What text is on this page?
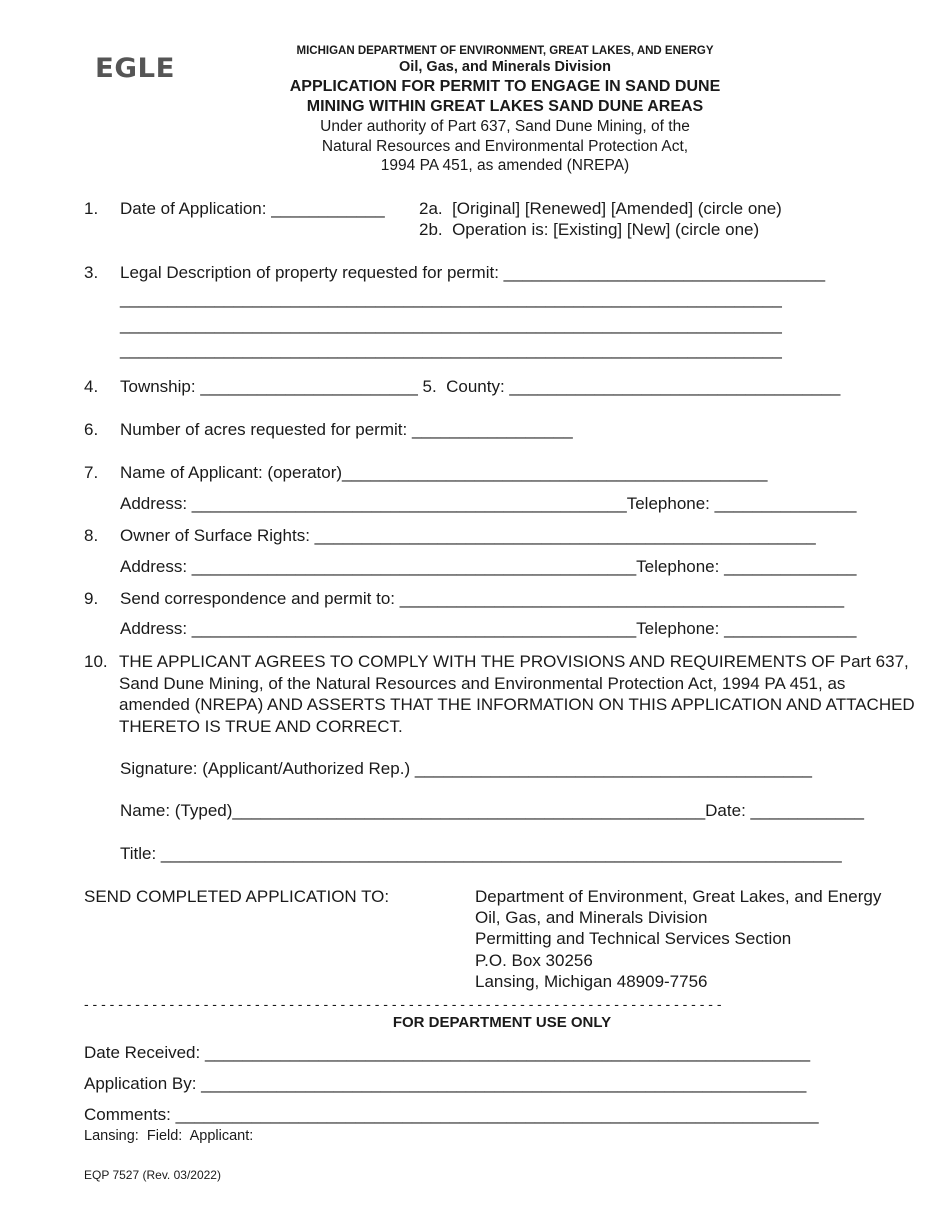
EGLE
MICHIGAN DEPARTMENT OF ENVIRONMENT, GREAT LAKES, AND ENERGY
Oil, Gas, and Minerals Division
APPLICATION FOR PERMIT TO ENGAGE IN SAND DUNE
MINING WITHIN GREAT LAKES SAND DUNE AREAS
Under authority of Part 637, Sand Dune Mining, of the
Natural Resources and Environmental Protection Act,
1994 PA 451, as amended (NREPA)
1. Date of Application: ____________ 2a.  [Original] [Renewed] [Amended] (circle one)
2b.  Operation is: [Existing] [New] (circle one)
3. Legal Description of property requested for permit: __________________________________
______________________________________________________________________
______________________________________________________________________
______________________________________________________________________
4. Township: _______________________ 5.  County: ___________________________________
6. Number of acres requested for permit: _________________
7. Name of Applicant: (operator)_____________________________________________
Address: ______________________________________________Telephone: _______________
8. Owner of Surface Rights: _____________________________________________________
Address: _______________________________________________Telephone: ______________
9. Send correspondence and permit to: _______________________________________________
Address: _______________________________________________Telephone: ______________
10. THE APPLICANT AGREES TO COMPLY WITH THE PROVISIONS AND REQUIREMENTS OF Part 637, Sand Dune Mining, of the Natural Resources and Environmental Protection Act, 1994 PA 451, as amended (NREPA) AND ASSERTS THAT THE INFORMATION ON THIS APPLICATION AND ATTACHED THERETO IS TRUE AND CORRECT.
Signature: (Applicant/Authorized Rep.) __________________________________________
Name: (Typed)__________________________________________________Date: ____________
Title: ________________________________________________________________________
SEND COMPLETED APPLICATION TO:	Department of Environment, Great Lakes, and Energy
Oil, Gas, and Minerals Division
Permitting and Technical Services Section
P.O. Box 30256
Lansing, Michigan 48909-7756
- - - - - - - - - - - - - - - - - - - - - - - - - - - - - - - - - - - - - - - - - - - - - - - - - - - - - - - - - - - - - - - - - - - - - - - - - - -
FOR DEPARTMENT USE ONLY
Date Received: ________________________________________________________________
Application By: ________________________________________________________________
Comments: ____________________________________________________________________
Lansing:  Field:  Applicant:
EQP 7527 (Rev. 03/2022)
